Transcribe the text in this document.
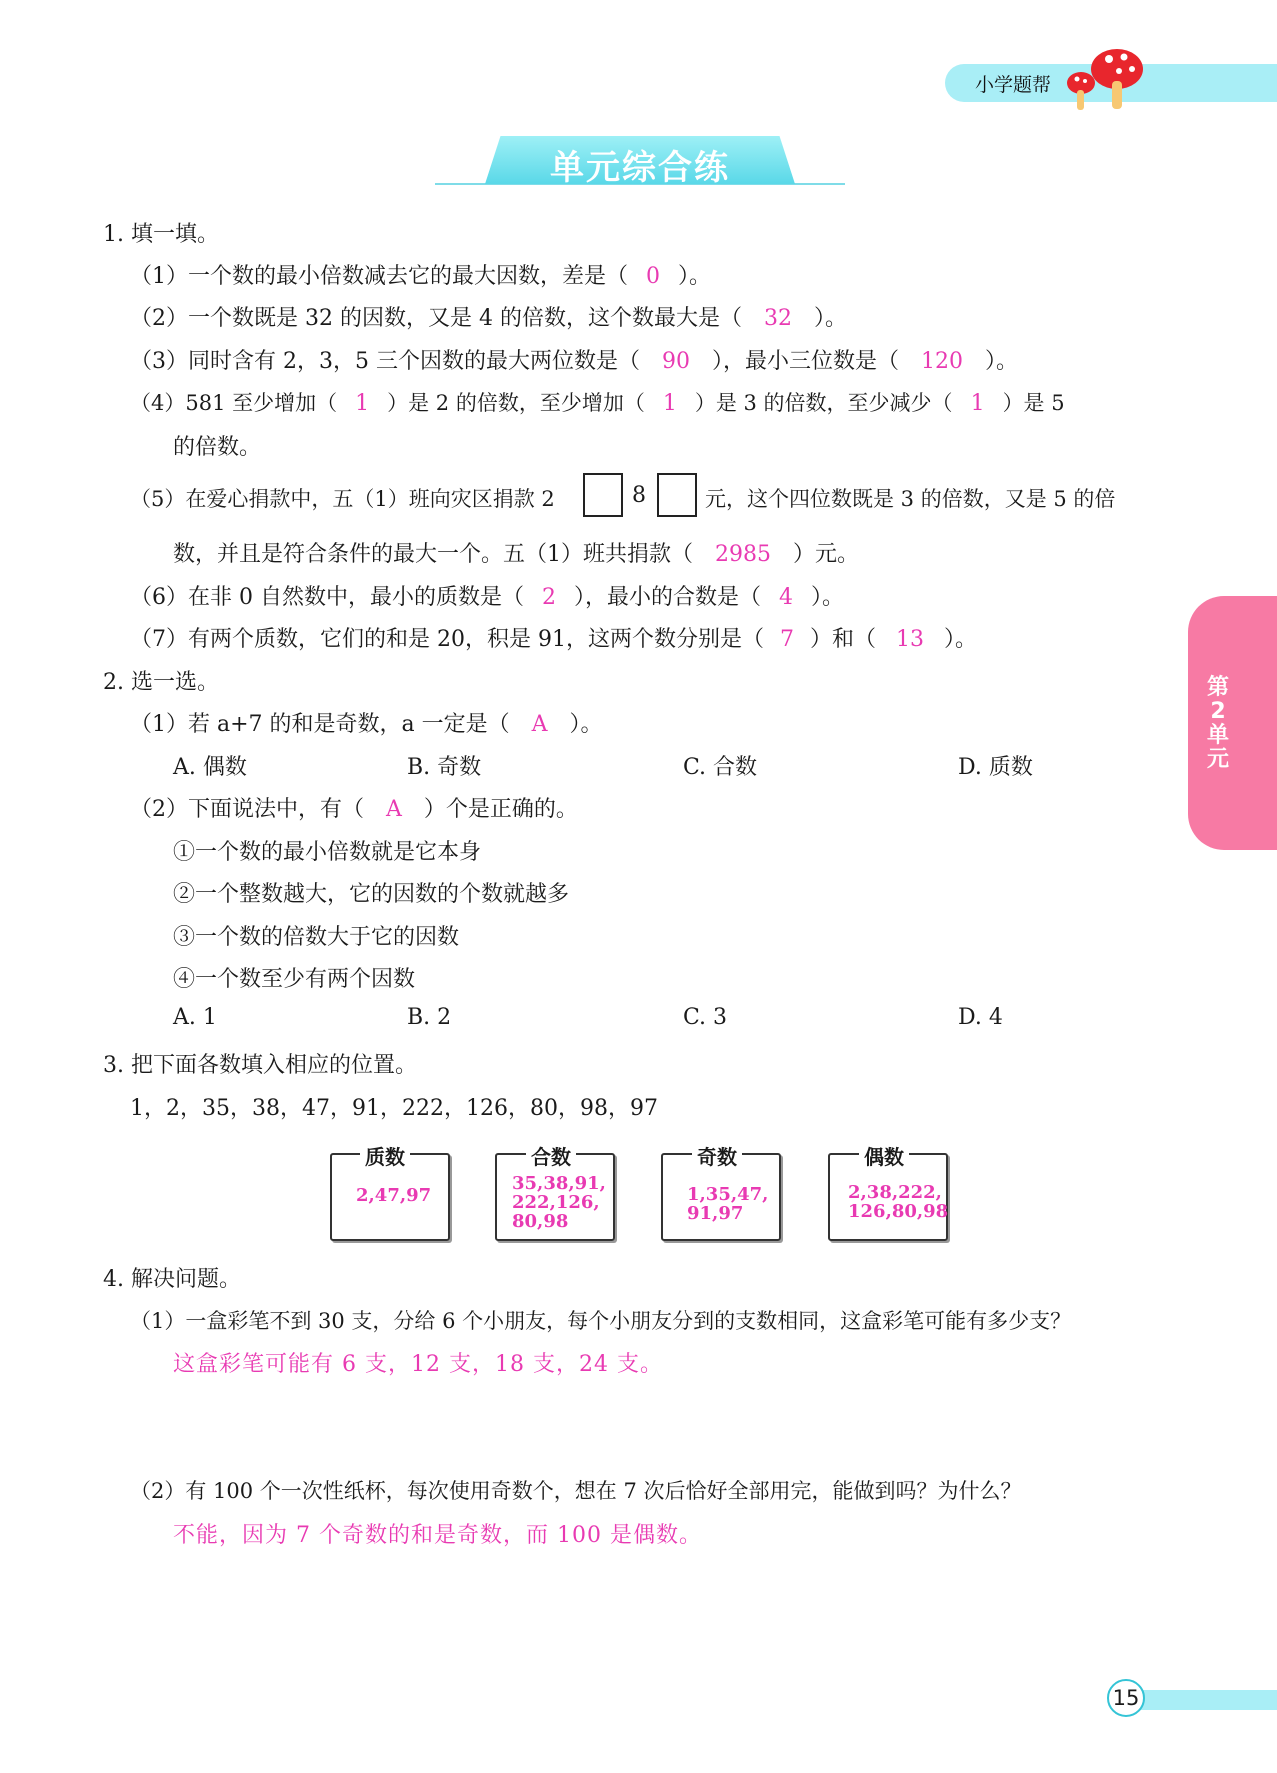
小学题帮
单元综合练
第
2
单元
1. 填一填。
（1）一个数的最小倍数减去它的最大因数，差是（ 0 ）。
（2）一个数既是 32 的因数，又是 4 的倍数，这个数最大是（ 32 ）。
（3）同时含有 2，3，5 三个因数的最大两位数是（ 90 ），最小三位数是（ 120 ）。
（4）581 至少增加（ 1 ）是 2 的倍数，至少增加（ 1 ）是 3 的倍数，至少减少（ 1 ）是 5
的倍数。
（5）在爱心捐款中，五（1）班向灾区捐款 2	8	元，这个四位数既是 3 的倍数，又是 5 的倍
数，并且是符合条件的最大一个。五（1）班共捐款（ 2985 ）元。
（6）在非 0 自然数中，最小的质数是（ 2 ），最小的合数是（ 4 ）。
（7）有两个质数，它们的和是 20，积是 91，这两个数分别是（ 7 ）和（ 13 ）。
2. 选一选。
（1）若 a+7 的和是奇数，a 一定是（ A ）。
A. 偶数	B. 奇数	C. 合数	D. 质数
（2）下面说法中，有（ A ）个是正确的。
①一个数的最小倍数就是它本身
②一个整数越大，它的因数的个数就越多
③一个数的倍数大于它的因数
④一个数至少有两个因数
A. 1	B. 2	C. 3	D. 4
3. 把下面各数填入相应的位置。
1，2，35，38，47，91，222，126，80，98，97
质数
2,47,97
合数
35,38,91,
222,126,
80,98
奇数
1,35,47,
91,97
偶数
2,38,222,
126,80,98
4. 解决问题。
（1）一盒彩笔不到 30 支，分给 6 个小朋友，每个小朋友分到的支数相同，这盒彩笔可能有多少支？
这盒彩笔可能有 6 支，12 支，18 支，24 支。
（2）有 100 个一次性纸杯，每次使用奇数个，想在 7 次后恰好全部用完，能做到吗？为什么？
不能，因为 7 个奇数的和是奇数，而 100 是偶数。
15
